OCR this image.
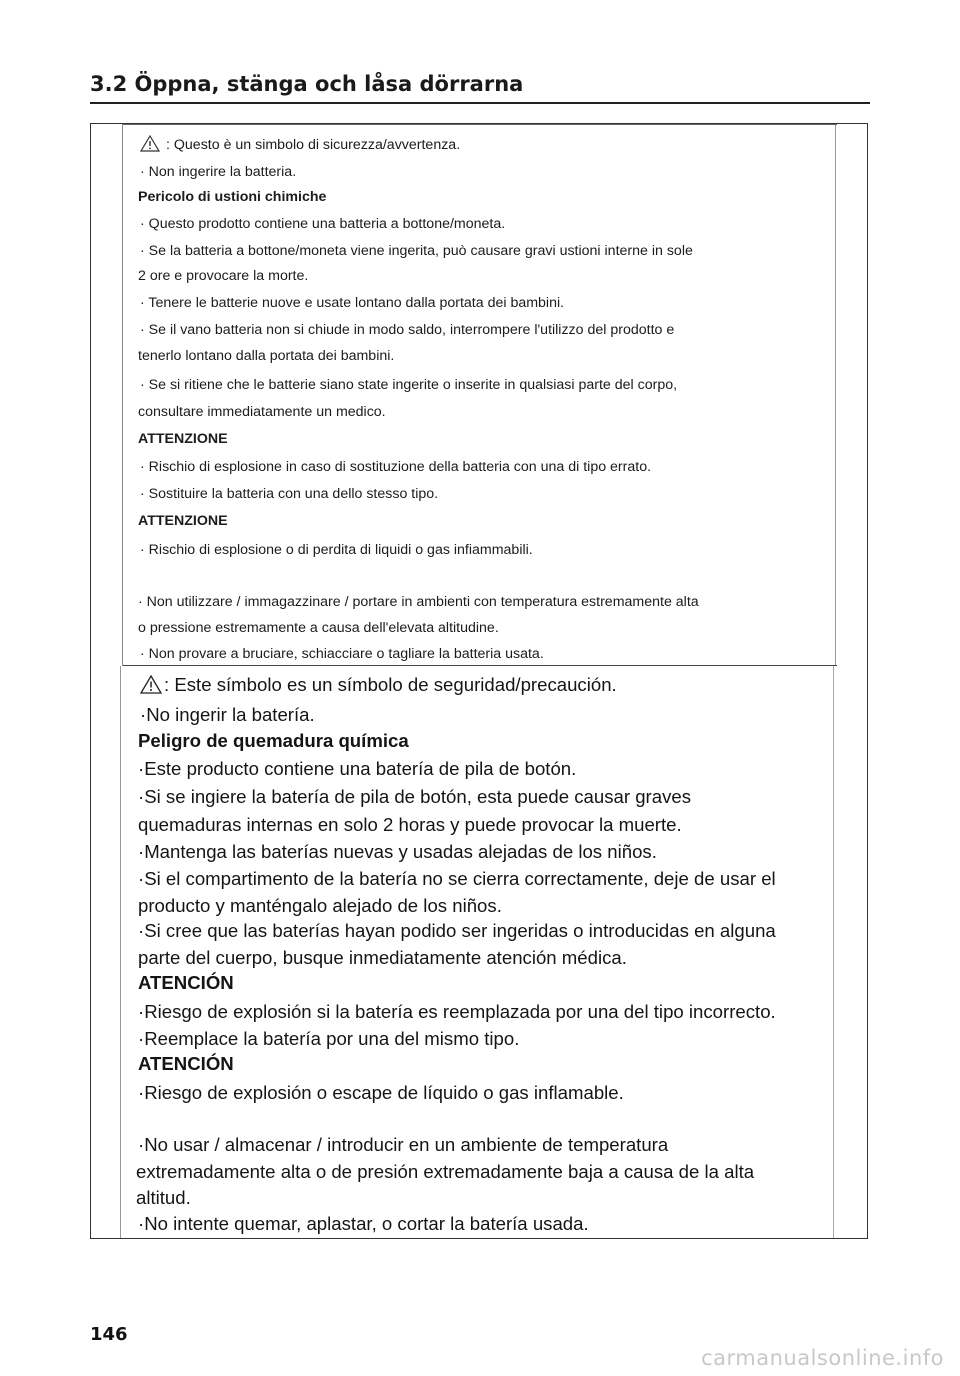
3.2 Öppna, stänga och låsa dörrarna
: Questo è un simbolo di sicurezza/avvertenza.
· Non ingerire la batteria.
Pericolo di ustioni chimiche
· Questo prodotto contiene una batteria a bottone/moneta.
· Se la batteria a bottone/moneta viene ingerita, può causare gravi ustioni interne in sole
2 ore e provocare la morte.
· Tenere le batterie nuove e usate lontano dalla portata dei bambini.
· Se il vano batteria non si chiude in modo saldo, interrompere l'utilizzo del prodotto e
tenerlo lontano dalla portata dei bambini.
· Se si ritiene che le batterie siano state ingerite o inserite in qualsiasi parte del corpo,
consultare immediatamente un medico.
ATTENZIONE
· Rischio di esplosione in caso di sostituzione della batteria con una di tipo errato.
· Sostituire la batteria con una dello stesso tipo.
ATTENZIONE
· Rischio di esplosione o di perdita di liquidi o gas infiammabili.
· Non utilizzare / immagazzinare / portare in ambienti con temperatura estremamente alta
o pressione estremamente a causa dell'elevata altitudine.
· Non provare a bruciare, schiacciare o tagliare la batteria usata.
: Este símbolo es un símbolo de seguridad/precaución.
·No ingerir la batería.
Peligro de quemadura química
·Este producto contiene una batería de pila de botón.
·Si se ingiere la batería de pila de botón, esta puede causar graves
quemaduras internas en solo 2 horas y puede provocar la muerte.
·Mantenga las baterías nuevas y usadas alejadas de los niños.
·Si el compartimento de la batería no se cierra correctamente, deje de usar el
producto y manténgalo alejado de los niños.
·Si cree que las baterías hayan podido ser ingeridas o introducidas en alguna
parte del cuerpo, busque inmediatamente atención médica.
ATENCIÓN
·Riesgo de explosión si la batería es reemplazada por una del tipo incorrecto.
·Reemplace la batería por una del mismo tipo.
ATENCIÓN
·Riesgo de explosión o escape de líquido o gas inflamable.
·No usar / almacenar / introducir en un ambiente de temperatura
extremadamente alta o de presión extremadamente baja a causa de la alta
altitud.
·No intente quemar, aplastar, o cortar la batería usada.
146
carmanualsonline.info
